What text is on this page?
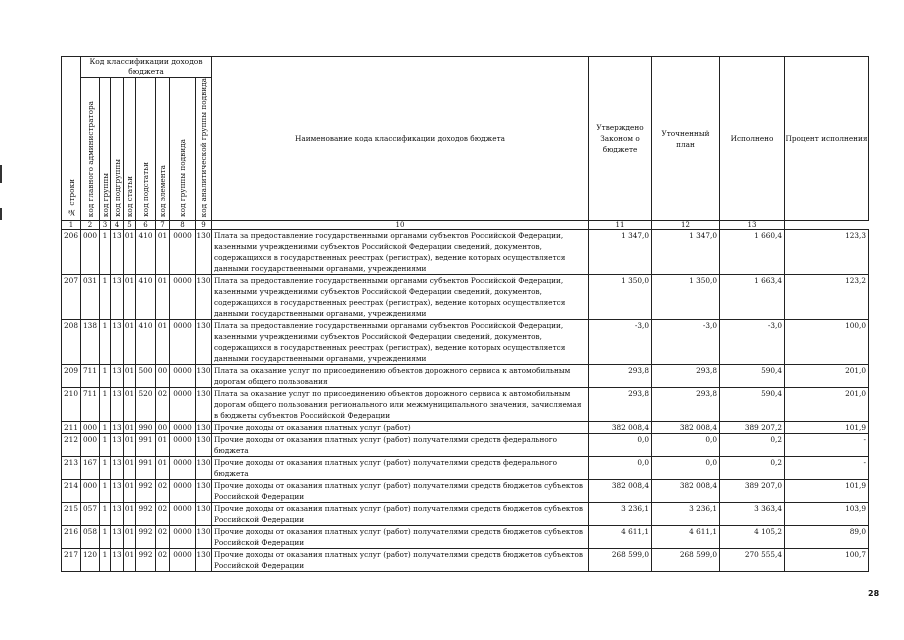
№ строки	Код классификации доходов бюджета								Наименование кода классификации доходов бюджета	Утверждено Законом о бюджете	Уточненный план	Исполнено	Процент исполнения

	код главного администратора	код группы	код подгруппы	код статьи	код подстатьи	код элемента	код группы подвида	код аналитической группы подвида					

1	2	3	4	5	6	7	8	9	10	11	12	13	
206	000	1	13	01	410	01	0000	130	Плата за предоставление государственными органами субъектов Российской Федерации, казенными учреждениями субъектов Российской Федерации сведений, документов, содержащихся в государственных реестрах (регистрах), ведение которых осуществляется данными государственными органами, учреждениями	1 347,0	1 347,0	1 660,4	123,3
207	031	1	13	01	410	01	0000	130	Плата за предоставление государственными органами субъектов Российской Федерации, казенными учреждениями субъектов Российской Федерации сведений, документов, содержащихся в государственных реестрах (регистрах), ведение которых осуществляется данными государственными органами, учреждениями	1 350,0	1 350,0	1 663,4	123,2
208	138	1	13	01	410	01	0000	130	Плата за предоставление государственными органами субъектов Российской Федерации, казенными учреждениями субъектов Российской Федерации сведений, документов, содержащихся в государственных реестрах (регистрах), ведение которых осуществляется данными государственными органами, учреждениями	-3,0	-3,0	-3,0	100,0
209	711	1	13	01	500	00	0000	130	Плата за оказание услуг по присоединению объектов дорожного сервиса к автомобильным дорогам общего пользования	293,8	293,8	590,4	201,0
210	711	1	13	01	520	02	0000	130	Плата за оказание услуг по присоединению объектов дорожного сервиса к автомобильным дорогам общего пользования регионального или межмуниципального значения, зачисляемая в бюджеты субъектов Российской Федерации	293,8	293,8	590,4	201,0
211	000	1	13	01	990	00	0000	130	Прочие доходы от оказания платных услуг (работ)	382 008,4	382 008,4	389 207,2	101,9
212	000	1	13	01	991	01	0000	130	Прочие доходы от оказания платных услуг (работ) получателями средств федерального бюджета	0,0	0,0	0,2	-
213	167	1	13	01	991	01	0000	130	Прочие доходы от оказания платных услуг (работ) получателями средств федерального бюджета	0,0	0,0	0,2	-
214	000	1	13	01	992	02	0000	130	Прочие доходы от оказания платных услуг (работ) получателями средств бюджетов субъектов Российской Федерации	382 008,4	382 008,4	389 207,0	101,9
215	057	1	13	01	992	02	0000	130	Прочие доходы от оказания платных услуг (работ) получателями средств бюджетов субъектов Российской Федерации	3 236,1	3 236,1	3 363,4	103,9
216	058	1	13	01	992	02	0000	130	Прочие доходы от оказания платных услуг (работ) получателями средств бюджетов субъектов Российской Федерации	4 611,1	4 611,1	4 105,2	89,0
217	120	1	13	01	992	02	0000	130	Прочие доходы от оказания платных услуг (работ) получателями средств бюджетов субъектов Российской Федерации	268 599,0	268 599,0	270 555,4	100,7
28
